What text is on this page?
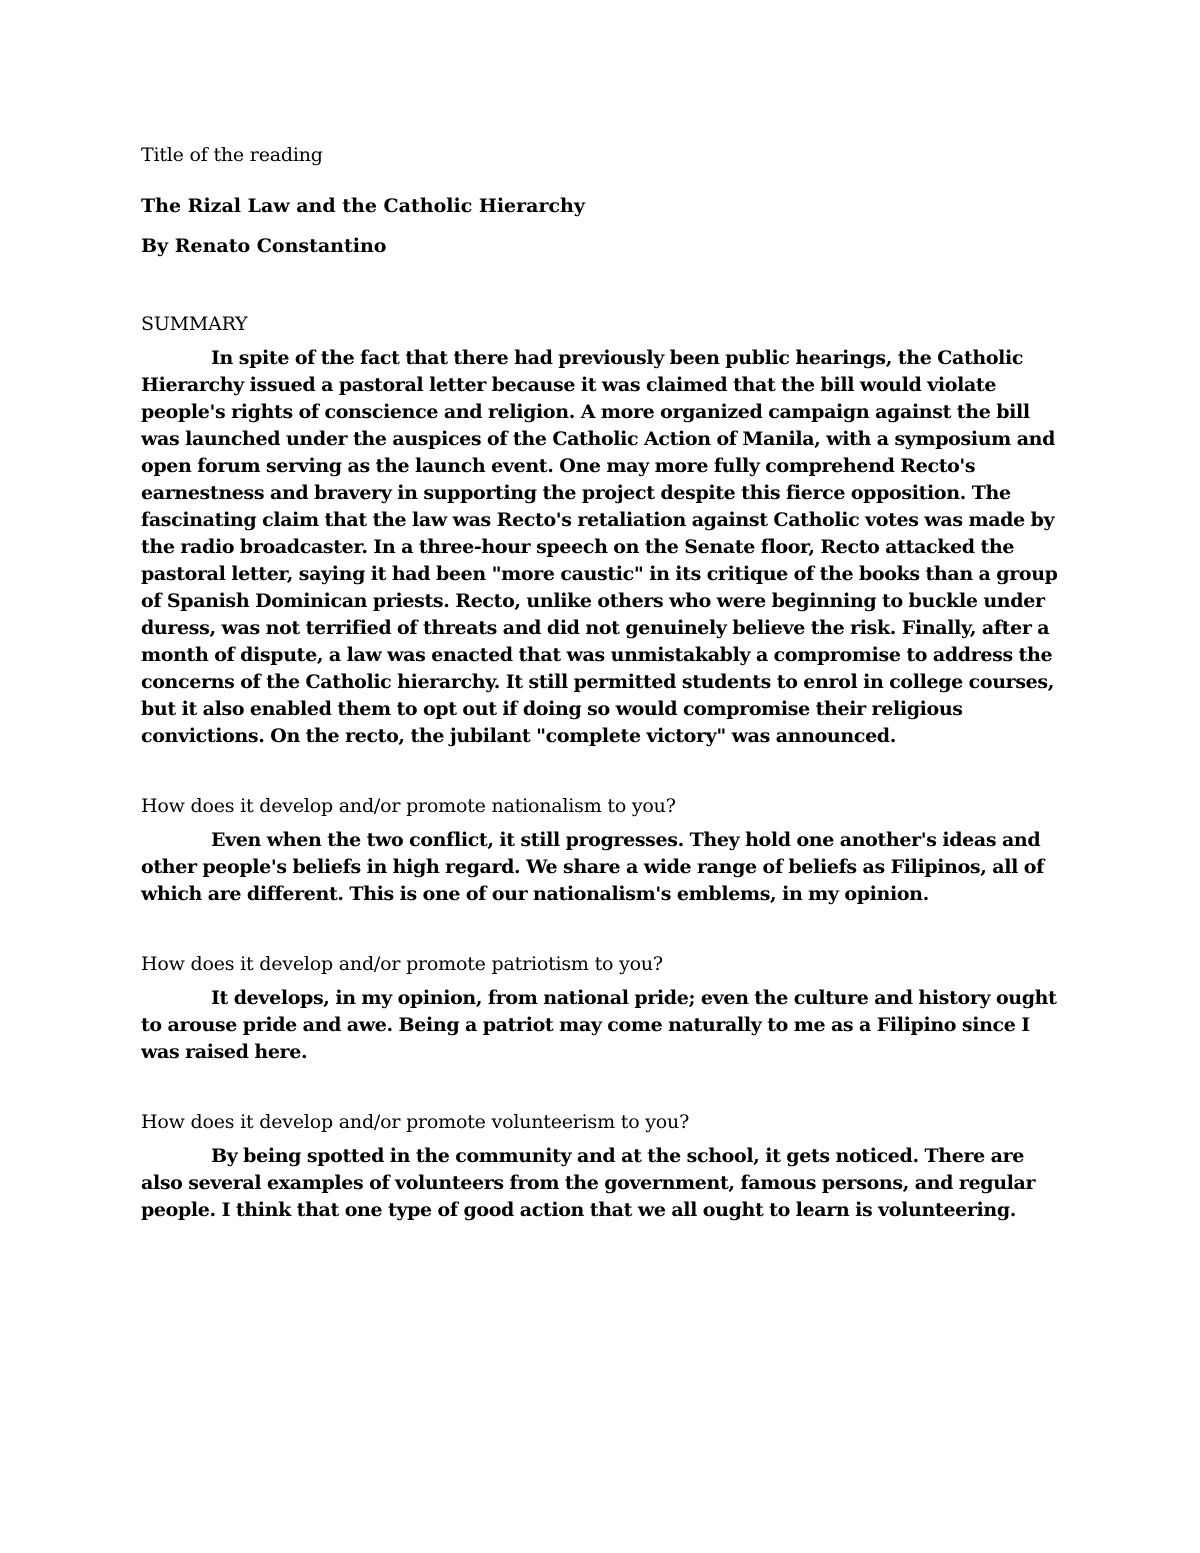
Title of the reading

The Rizal Law and the Catholic Hierarchy

By Renato Constantino

SUMMARY

In spite of the fact that there had previously been public hearings, the Catholic Hierarchy issued a pastoral letter because it was claimed that the bill would violate people's rights of conscience and religion. A more organized campaign against the bill was launched under the auspices of the Catholic Action of Manila, with a symposium and open forum serving as the launch event. One may more fully comprehend Recto's earnestness and bravery in supporting the project despite this fierce opposition. The fascinating claim that the law was Recto's retaliation against Catholic votes was made by the radio broadcaster. In a three-hour speech on the Senate floor, Recto attacked the pastoral letter, saying it had been "more caustic" in its critique of the books than a group of Spanish Dominican priests. Recto, unlike others who were beginning to buckle under duress, was not terrified of threats and did not genuinely believe the risk. Finally, after a month of dispute, a law was enacted that was unmistakably a compromise to address the concerns of the Catholic hierarchy. It still permitted students to enrol in college courses, but it also enabled them to opt out if doing so would compromise their religious convictions. On the recto, the jubilant "complete victory" was announced.

How does it develop and/or promote nationalism to you?

Even when the two conflict, it still progresses. They hold one another's ideas and other people's beliefs in high regard. We share a wide range of beliefs as Filipinos, all of which are different. This is one of our nationalism's emblems, in my opinion.

How does it develop and/or promote patriotism to you?

It develops, in my opinion, from national pride; even the culture and history ought to arouse pride and awe. Being a patriot may come naturally to me as a Filipino since I was raised here.

How does it develop and/or promote volunteerism to you?

By being spotted in the community and at the school, it gets noticed. There are also several examples of volunteers from the government, famous persons, and regular people. I think that one type of good action that we all ought to learn is volunteering.
